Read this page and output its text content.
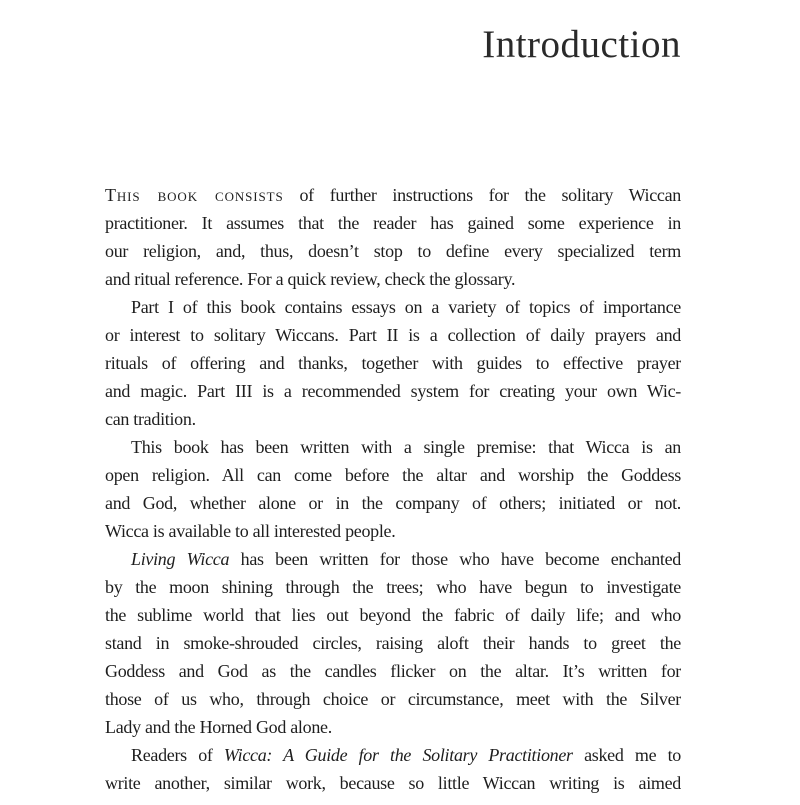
Introduction
This book consists of further instructions for the solitary Wiccan
practitioner. It assumes that the reader has gained some experience in
our religion, and, thus, doesn’t stop to define every specialized term
and ritual reference. For a quick review, check the glossary.
Part I of this book contains essays on a variety of topics of importance
or interest to solitary Wiccans. Part II is a collection of daily prayers and
rituals of offering and thanks, together with guides to effective prayer
and magic. Part III is a recommended system for creating your own Wic-
can tradition.
This book has been written with a single premise: that Wicca is an
open religion. All can come before the altar and worship the Goddess
and God, whether alone or in the company of others; initiated or not.
Wicca is available to all interested people.
Living Wicca has been written for those who have become enchanted
by the moon shining through the trees; who have begun to investigate
the sublime world that lies out beyond the fabric of daily life; and who
stand in smoke-shrouded circles, raising aloft their hands to greet the
Goddess and God as the candles flicker on the altar. It’s written for
those of us who, through choice or circumstance, meet with the Silver
Lady and the Horned God alone.
Readers of Wicca: A Guide for the Solitary Practitioner asked me to
write another, similar work, because so little Wiccan writing is aimed
